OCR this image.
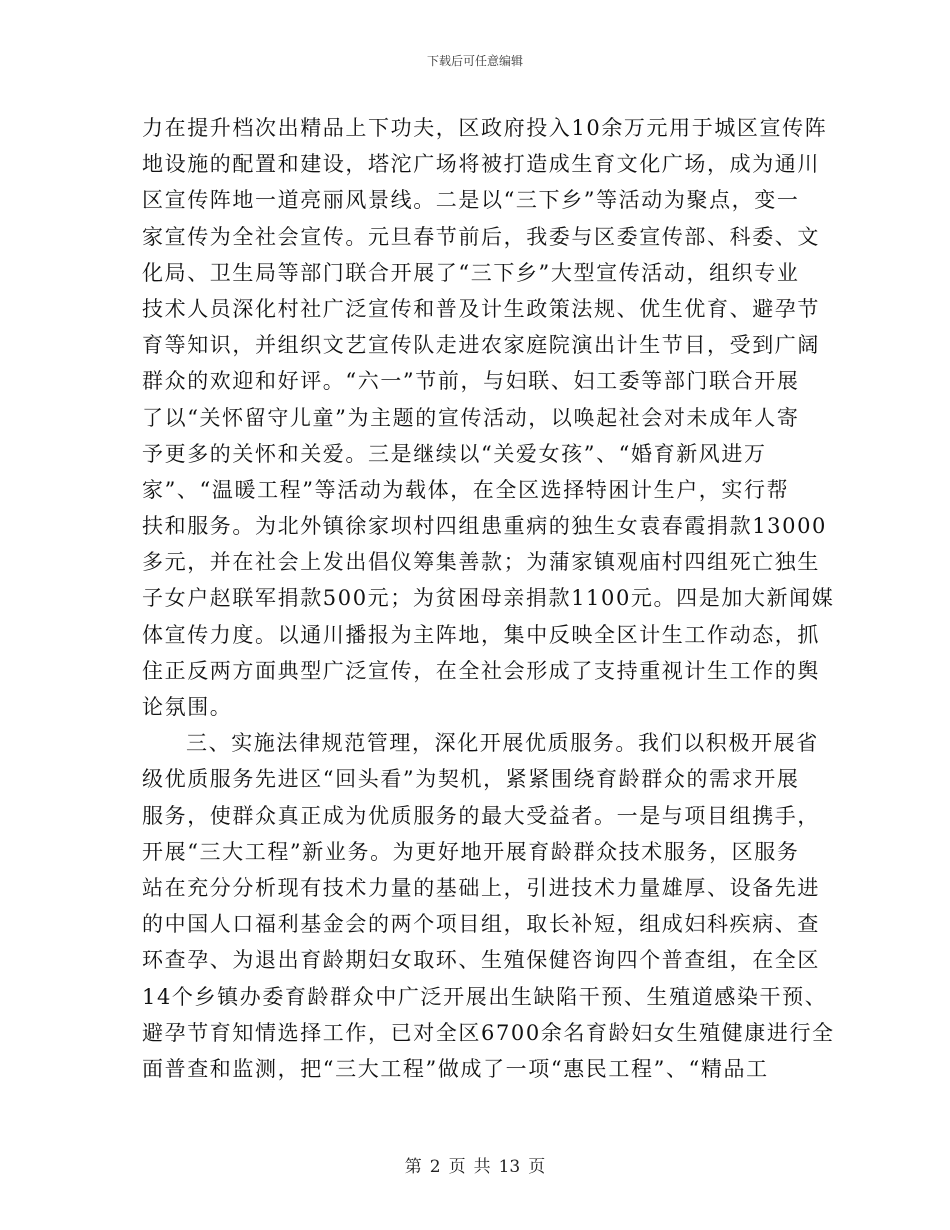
下载后可任意编辑
力在提升档次出精品上下功夫，区政府投入10余万元用于城区宣传阵
地设施的配置和建设，塔沱广场将被打造成生育文化广场，成为通川
区宣传阵地一道亮丽风景线。二是以“三下乡”等活动为聚点，变一
家宣传为全社会宣传。元旦春节前后，我委与区委宣传部、科委、文
化局、卫生局等部门联合开展了“三下乡”大型宣传活动，组织专业
技术人员深化村社广泛宣传和普及计生政策法规、优生优育、避孕节
育等知识，并组织文艺宣传队走进农家庭院演出计生节目，受到广阔
群众的欢迎和好评。“六一”节前，与妇联、妇工委等部门联合开展
了以“关怀留守儿童”为主题的宣传活动，以唤起社会对未成年人寄
予更多的关怀和关爱。三是继续以“关爱女孩”、“婚育新风进万
家”、“温暖工程”等活动为载体，在全区选择特困计生户，实行帮
扶和服务。为北外镇徐家坝村四组患重病的独生女袁春霞捐款13000
多元，并在社会上发出倡仪筹集善款；为蒲家镇观庙村四组死亡独生
子女户赵联军捐款500元；为贫困母亲捐款1100元。四是加大新闻媒
体宣传力度。以通川播报为主阵地，集中反映全区计生工作动态，抓
住正反两方面典型广泛宣传，在全社会形成了支持重视计生工作的舆
论氛围。
三、实施法律规范管理，深化开展优质服务。我们以积极开展省
级优质服务先进区“回头看”为契机，紧紧围绕育龄群众的需求开展
服务，使群众真正成为优质服务的最大受益者。一是与项目组携手，
开展“三大工程”新业务。为更好地开展育龄群众技术服务，区服务
站在充分分析现有技术力量的基础上，引进技术力量雄厚、设备先进
的中国人口福利基金会的两个项目组，取长补短，组成妇科疾病、查
环查孕、为退出育龄期妇女取环、生殖保健咨询四个普查组，在全区
14个乡镇办委育龄群众中广泛开展出生缺陷干预、生殖道感染干预、
避孕节育知情选择工作，已对全区6700余名育龄妇女生殖健康进行全
面普查和监测，把“三大工程”做成了一项“惠民工程”、“精品工
第 2 页 共 13 页
